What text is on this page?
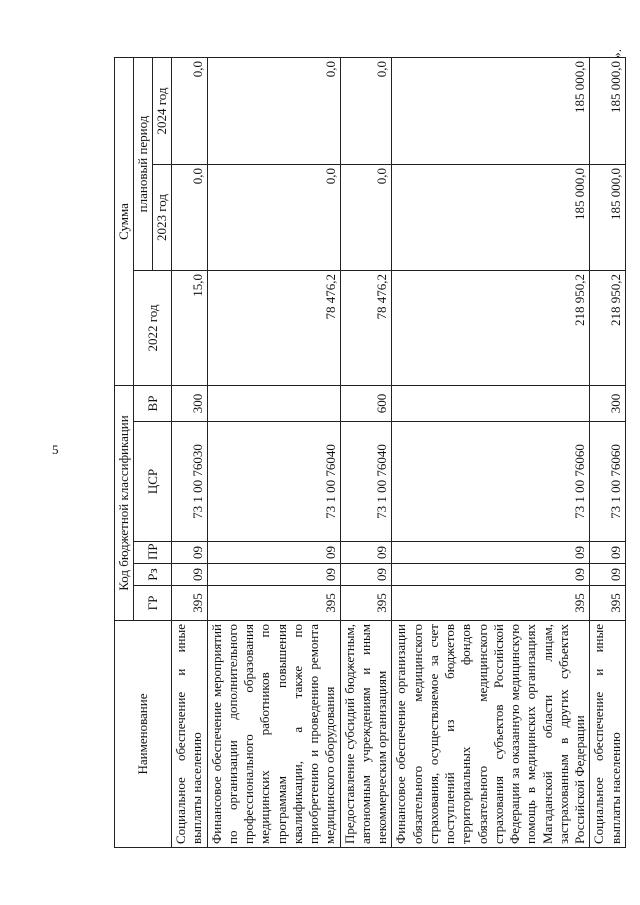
5
Наименование	Код бюджетной классификации					Сумма		
	ГР	Рз	ПР	ЦСР	ВР	2022 год	плановый период	
							2023 год	2024 год
Социальное обеспечение и иные выплаты населению	395	09	09	73 1 00 76030	300	15,0	0,0	0,0
Финансовое обеспечение мероприятий по организации дополнительного профессионального образования медицинских работников по программам повышения квалификации, а также по приобретению и проведению ремонта медицинского оборудования	395	09	09	73 1 00 76040		78 476,2	0,0	0,0
Предоставление субсидий бюджетным, автономным учреждениям и иным некоммерческим организациям	395	09	09	73 1 00 76040	600	78 476,2	0,0	0,0
Финансовое обеспечение организации обязательного медицинского страхования, осуществляемое за счет поступлений из бюджетов территориальных фондов обязательного медицинского страхования субъектов Российской Федерации за оказанную медицинскую помощь в медицинских организациях Магаданской области лицам, застрахованным в других субъектах Российской Федерации	395	09	09	73 1 00 76060		218 950,2	185 000,0	185 000,0
Социальное обеспечение и иные выплаты населению	395	09	09	73 1 00 76060	300	218 950,2	185 000,0	185 000,0
».
